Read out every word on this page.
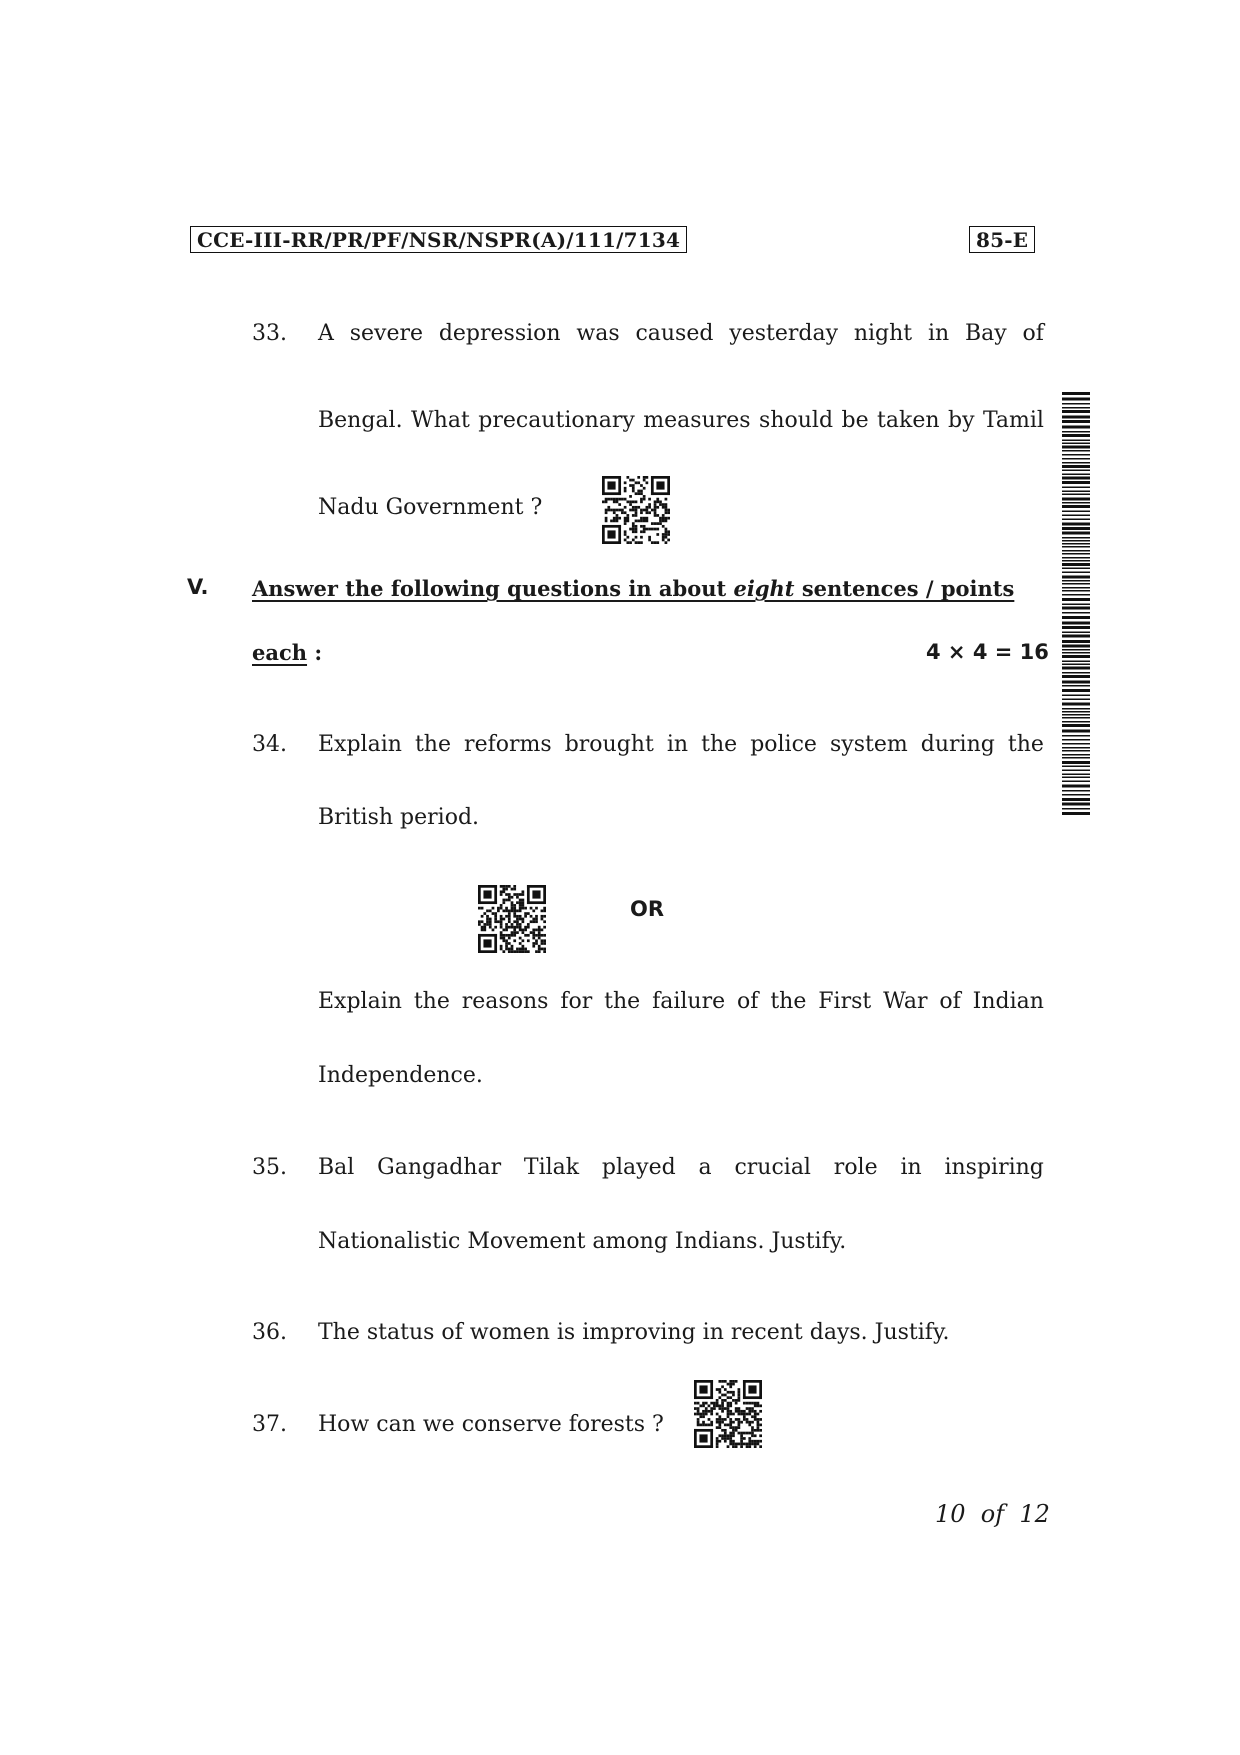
CCE-III-RR/PR/PF/NSR/NSPR(A)/111/7134	85-E
33. A severe depression was caused yesterday night in Bay of
Bengal. What precautionary measures should be taken by Tamil
Nadu Government ?
V. Answer the following questions in about eight sentences / points
each :	4 × 4 = 16
34. Explain the reforms brought in the police system during the
British period.
OR
Explain the reasons for the failure of the First War of Indian
Independence.
35. Bal Gangadhar Tilak played a crucial role in inspiring
Nationalistic Movement among Indians. Justify.
36. The status of women is improving in recent days. Justify.
37. How can we conserve forests ?
10  of  12
